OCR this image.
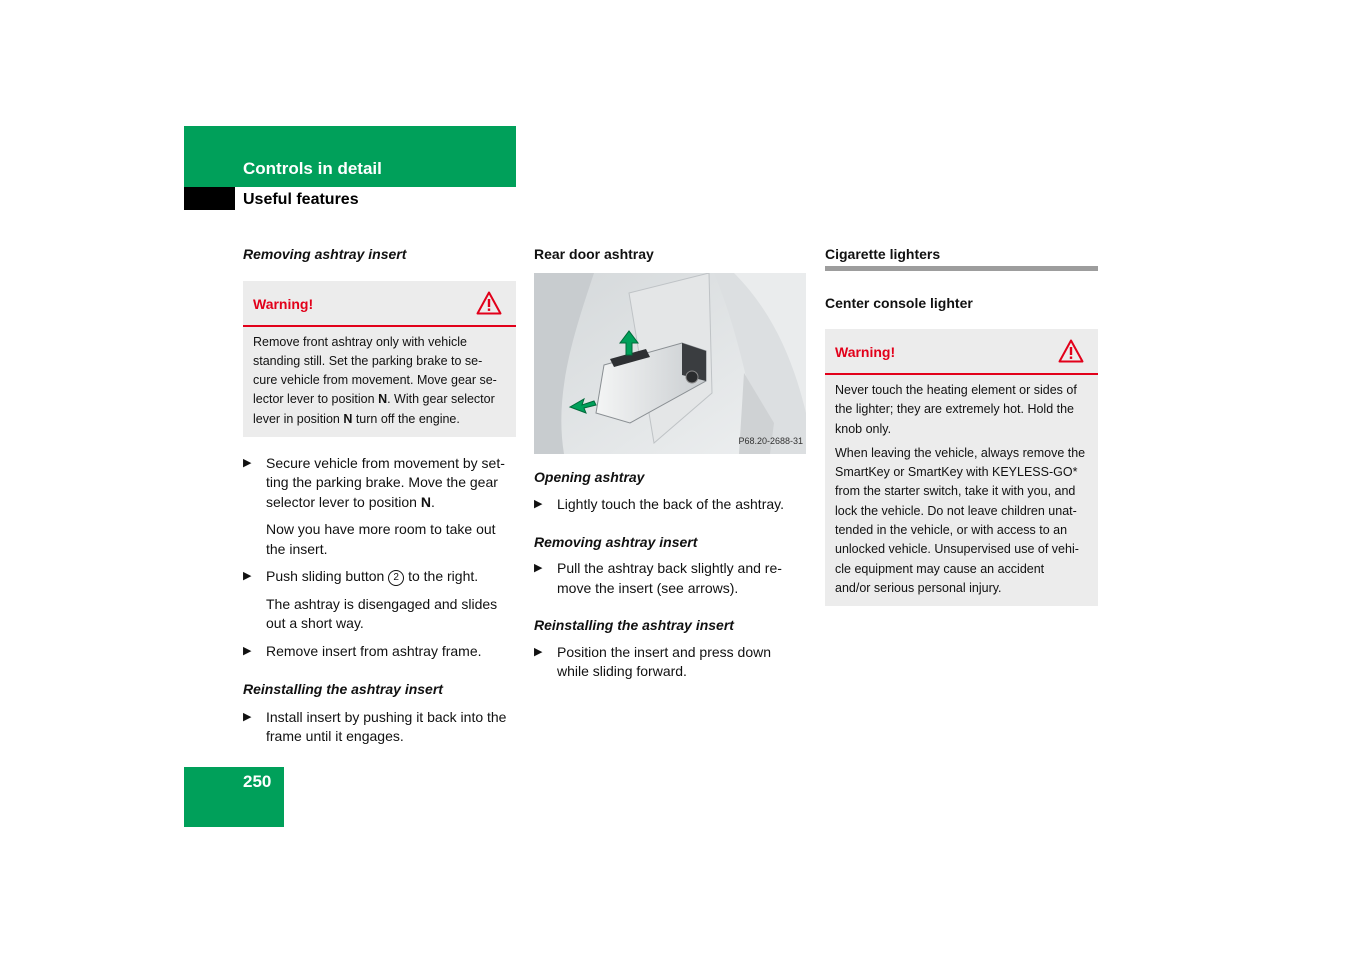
Controls in detail
Useful features

Removing ashtray insert

Warning!
Remove front ashtray only with vehicle
standing still. Set the parking brake to se-
cure vehicle from movement. Move gear se-
lector lever to position N. With gear selector
lever in position N turn off the engine.
▶ Secure vehicle from movement by set-
ting the parking brake. Move the gear
selector lever to position N.
Now you have more room to take out
the insert.
▶ Push sliding button 2 to the right.
The ashtray is disengaged and slides
out a short way.
▶ Remove insert from ashtray frame.

Reinstalling the ashtray insert

▶ Install insert by pushing it back into the
frame until it engages.

Rear door ashtray

P68.20-2688-31

Opening ashtray

▶ Lightly touch the back of the ashtray.

Removing ashtray insert

▶ Pull the ashtray back slightly and re-
move the insert (see arrows).

Reinstalling the ashtray insert

▶ Position the insert and press down
while sliding forward.

Cigarette lighters

Center console lighter

Warning!

Never touch the heating element or sides of
the lighter; they are extremely hot. Hold the
knob only.

When leaving the vehicle, always remove the
SmartKey or SmartKey with KEYLESS-GO*
from the starter switch, take it with you, and
lock the vehicle. Do not leave children unat-
tended in the vehicle, or with access to an
unlocked vehicle. Unsupervised use of vehi-
cle equipment may cause an accident
and/or serious personal injury.

250
